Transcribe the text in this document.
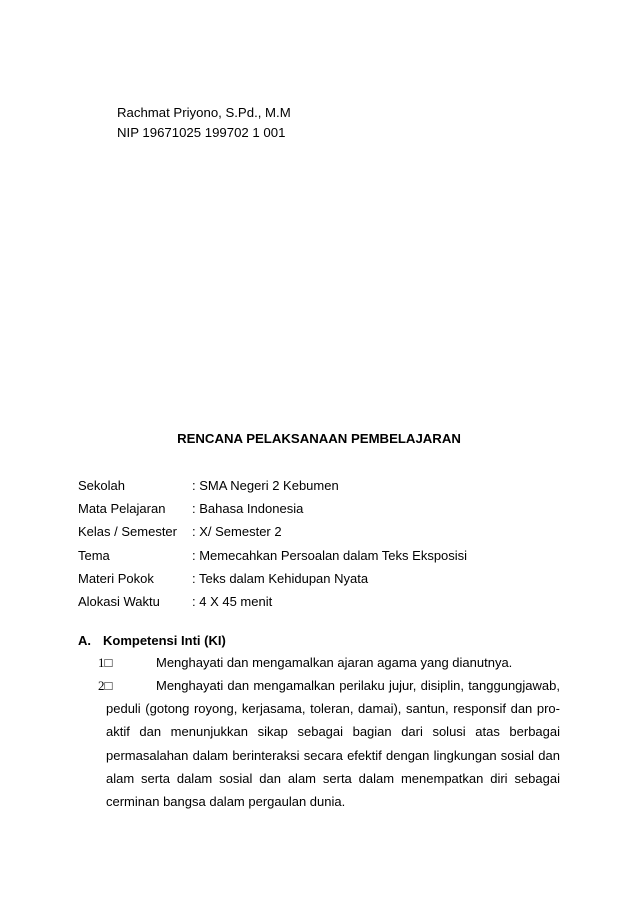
Rachmat Priyono, S.Pd., M.M
NIP 19671025 199702 1 001
RENCANA PELAKSANAAN PEMBELAJARAN
Sekolah	: SMA Negeri 2 Kebumen
Mata Pelajaran	: Bahasa Indonesia
Kelas / Semester	: X/ Semester 2
Tema	: Memecahkan Persoalan dalam Teks Eksposisi
Materi Pokok	: Teks dalam Kehidupan Nyata
Alokasi Waktu	: 4 X 45 menit
A. Kompetensi Inti (KI)
1□	Menghayati dan mengamalkan ajaran agama yang dianutnya.
2□	Menghayati dan mengamalkan perilaku jujur, disiplin, tanggungjawab,
peduli (gotong royong, kerjasama, toleran, damai), santun, responsif dan pro-aktif dan menunjukkan sikap sebagai bagian dari solusi atas berbagai permasalahan dalam berinteraksi secara efektif dengan lingkungan sosial dan alam serta dalam sosial dan alam serta dalam menempatkan diri sebagai cerminan bangsa dalam pergaulan dunia.
